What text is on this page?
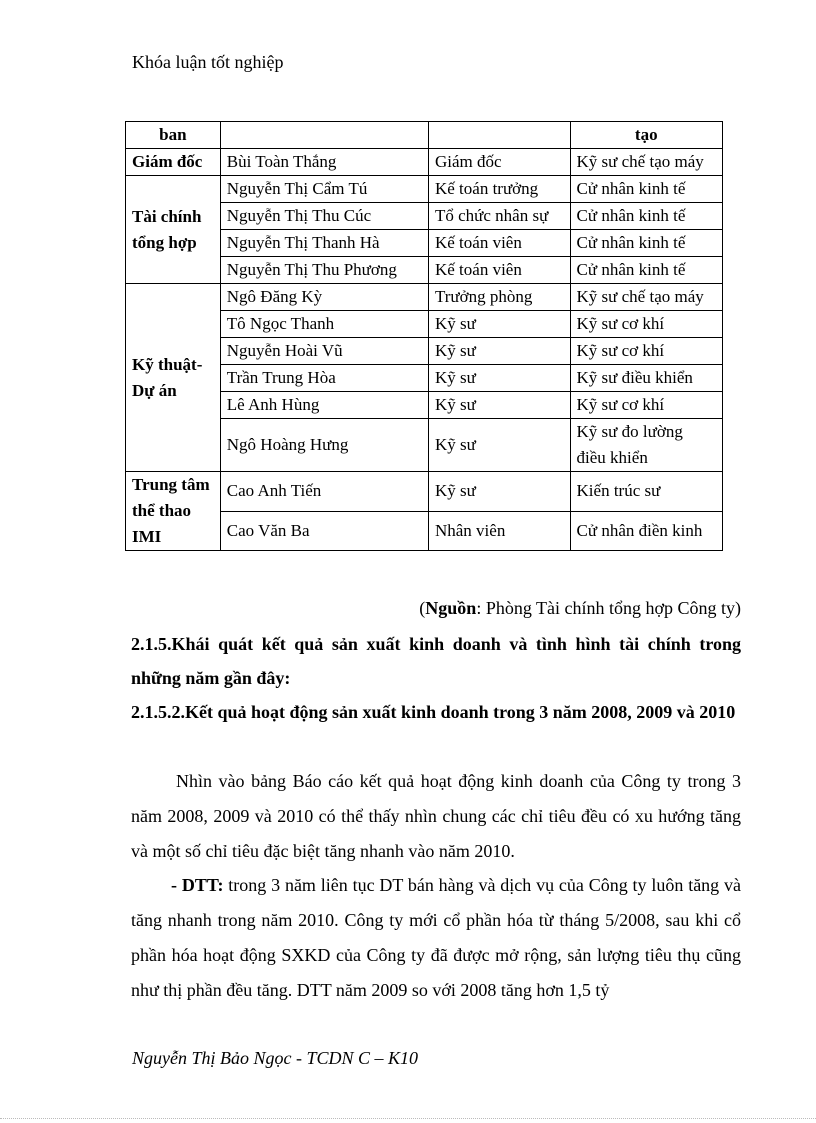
Khóa luận tốt nghiệp
ban			tạo
Giám đốc	Bùi Toàn Thắng	Giám đốc	Kỹ sư chế tạo máy
Tài chính tổng hợp	Nguyễn Thị Cẩm Tú	Kế toán trưởng	Cử nhân kinh tế
	Nguyễn Thị Thu Cúc	Tổ chức nhân sự	Cử nhân kinh tế
	Nguyễn Thị Thanh Hà	Kế toán viên	Cử nhân kinh tế
	Nguyễn Thị Thu Phương	Kế toán viên	Cử nhân kinh tế
Kỹ thuật-Dự án	Ngô Đăng Kỳ	Trưởng phòng	Kỹ sư chế tạo máy
	Tô Ngọc Thanh	Kỹ sư	Kỹ sư cơ khí
	Nguyễn Hoài Vũ	Kỹ sư	Kỹ sư cơ khí
	Trần Trung Hòa	Kỹ sư	Kỹ sư điều khiển
	Lê Anh Hùng	Kỹ sư	Kỹ sư cơ khí
	Ngô Hoàng Hưng	Kỹ sư	Kỹ sư đo lường điều khiển
Trung tâm thể thao IMI	Cao Anh Tiến	Kỹ sư	Kiến trúc sư
	Cao Văn Ba	Nhân viên	Cử nhân điền kinh
(Nguồn: Phòng Tài chính tổng hợp Công ty)
2.1.5.Khái quát kết quả sản xuất kinh doanh và tình hình tài chính trong những năm gần đây:
2.1.5.2.Kết quả hoạt động sản xuất kinh doanh trong 3 năm 2008, 2009 và 2010

Nhìn vào bảng Báo cáo kết quả hoạt động kinh doanh của Công ty trong 3 năm 2008, 2009 và 2010 có thể thấy nhìn chung các chỉ tiêu đều có xu hướng tăng và một số chỉ tiêu đặc biệt tăng nhanh vào năm 2010.

- DTT: trong 3 năm liên tục DT bán hàng và dịch vụ của Công ty luôn tăng và tăng nhanh trong năm 2010. Công ty mới cổ phần hóa từ tháng 5/2008, sau khi cổ phần hóa hoạt động SXKD của Công ty đã được mở rộng, sản lượng tiêu thụ cũng như thị phần đều tăng. DTT năm 2009 so với 2008 tăng hơn 1,5 tỷ

Nguyễn Thị Bảo Ngọc - TCDN C – K10
